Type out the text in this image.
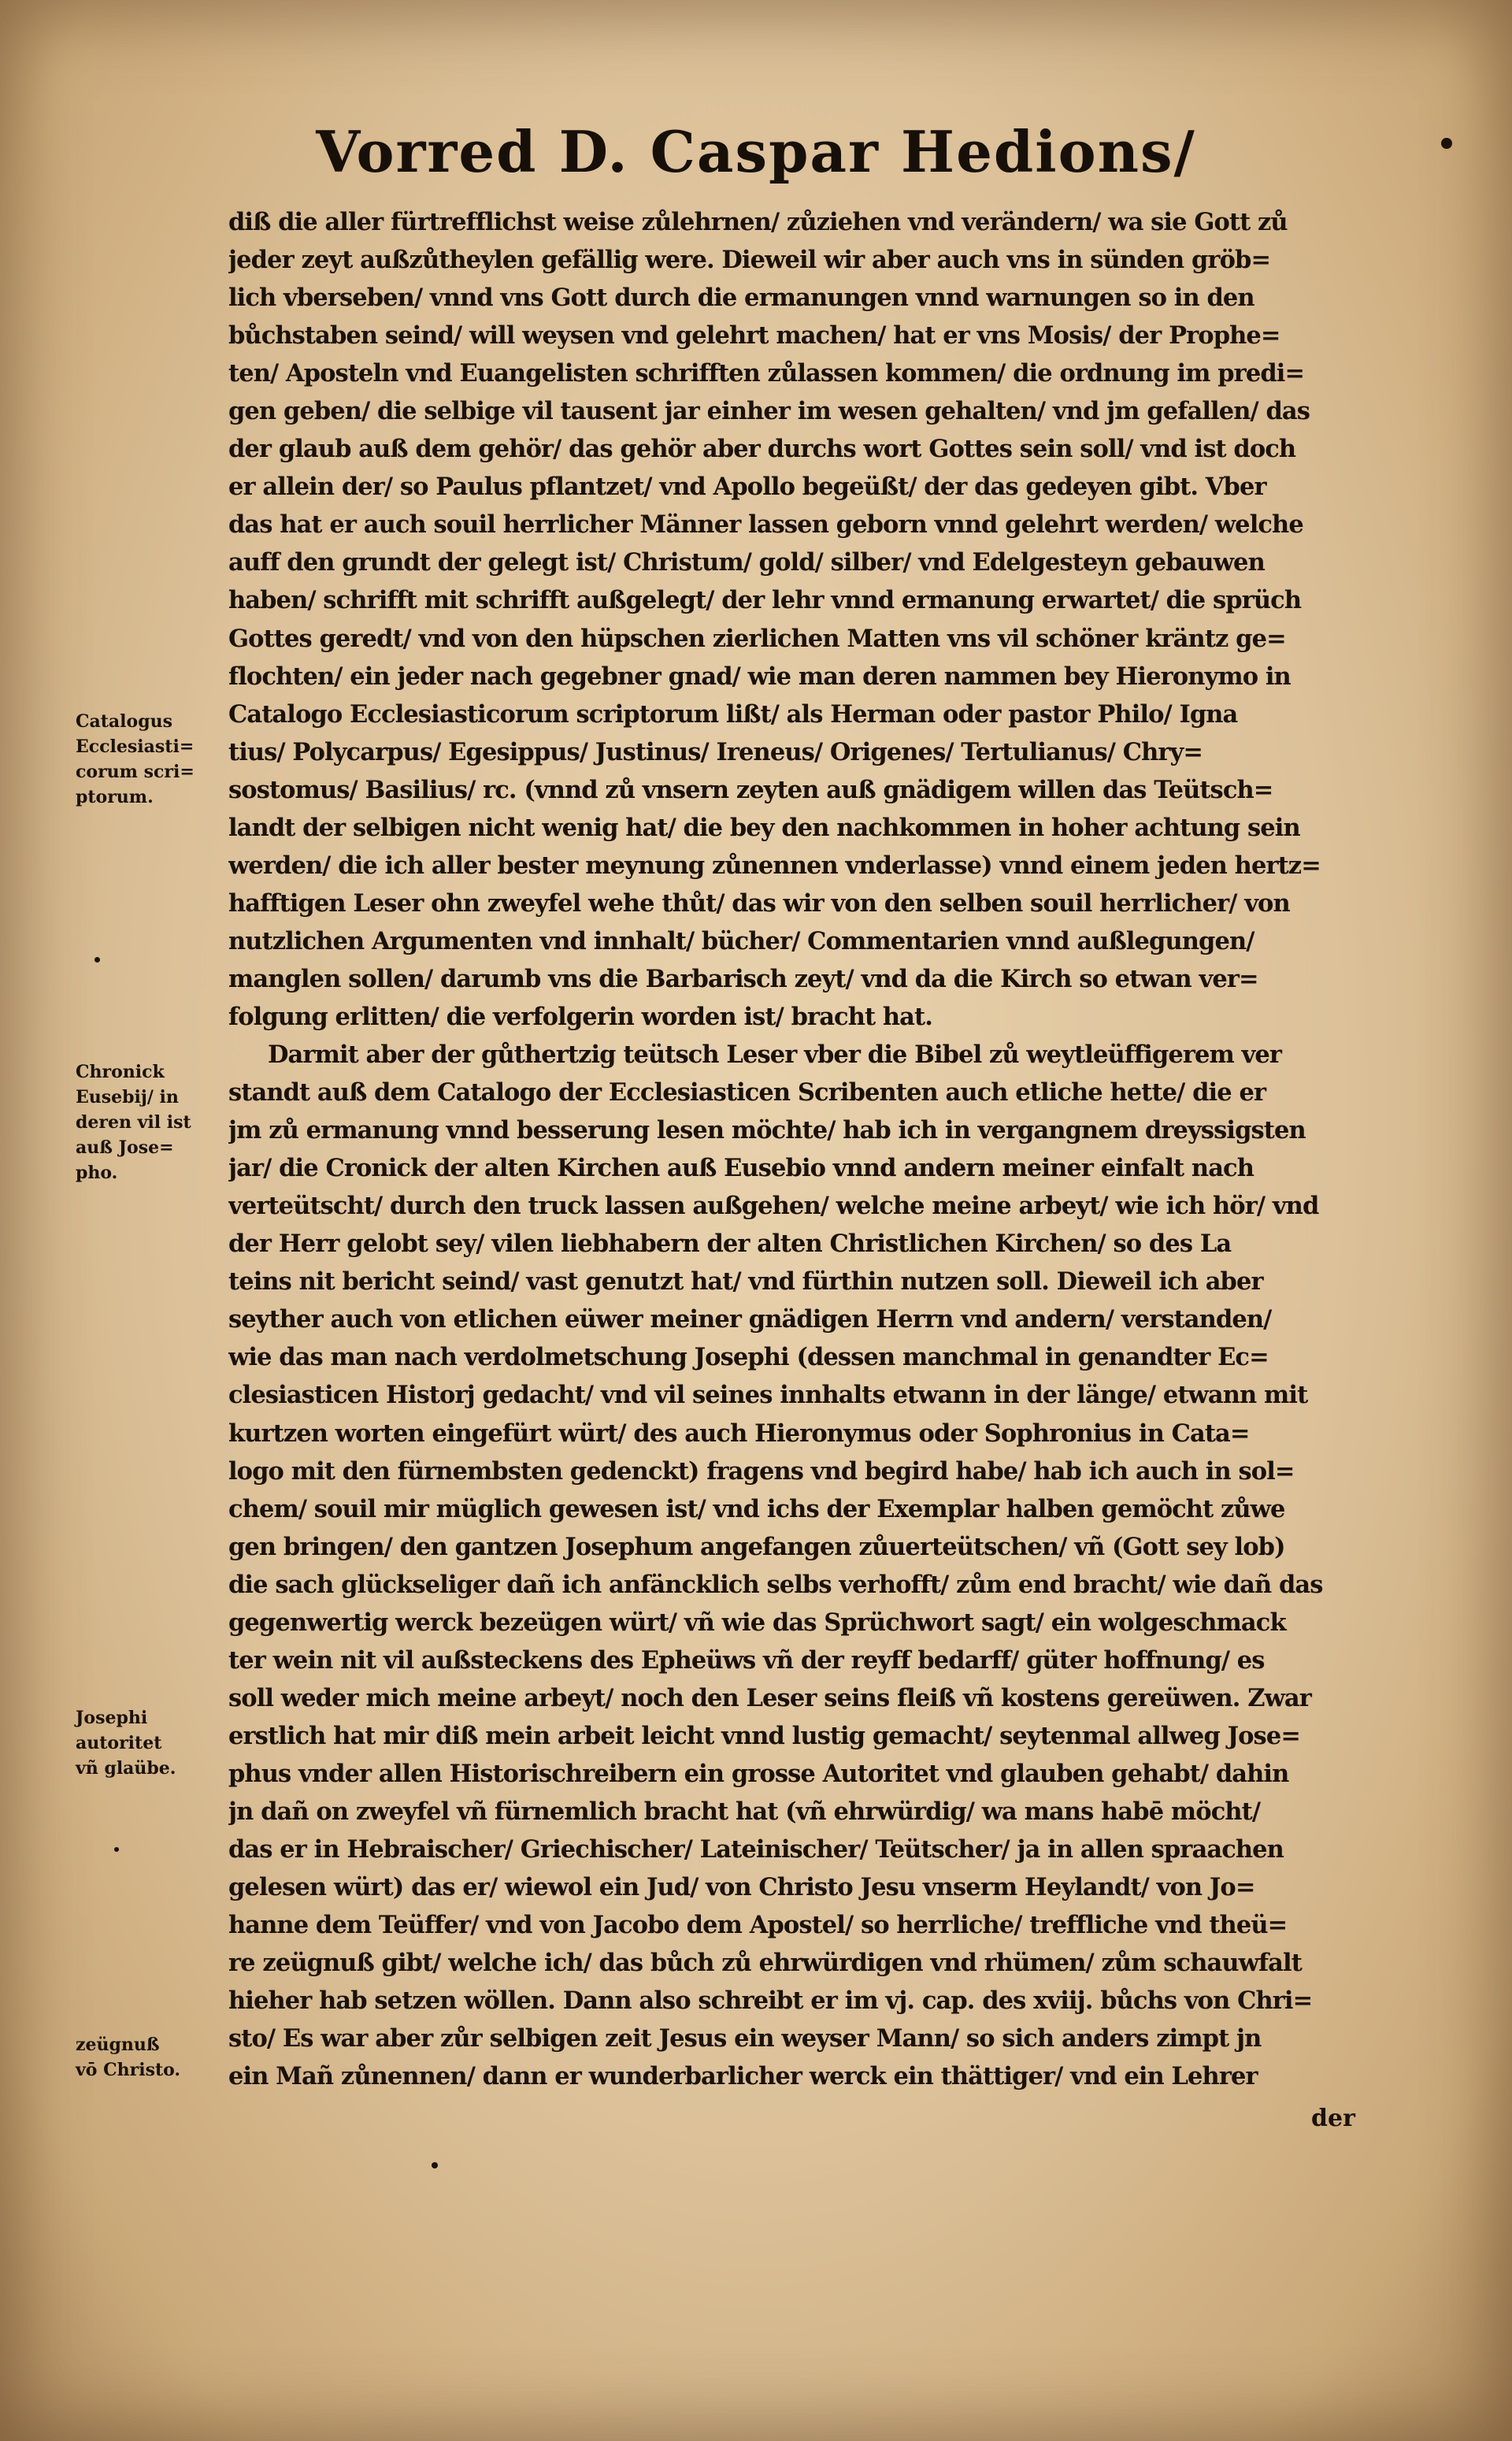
Vorred D. Caspar Hedions/
diß die aller fürtrefflichst weise zůlehrnen/ zůziehen vnd verändern/ wa sie Gott zů
jeder zeyt außzůtheylen gefällig were. Dieweil wir aber auch vns in sünden gröb=
lich vberseben/ vnnd vns Gott durch die ermanungen vnnd warnungen so in den
bůchstaben seind/ will weysen vnd gelehrt machen/ hat er vns Mosis/ der Prophe=
ten/ Aposteln vnd Euangelisten schrifften zůlassen kommen/ die ordnung im predi=
gen geben/ die selbige vil tausent jar einher im wesen gehalten/ vnd jm gefallen/ das
der glaub auß dem gehör/ das gehör aber durchs wort Gottes sein soll/ vnd ist doch
er allein der/ so Paulus pflantzet/ vnd Apollo begeüßt/ der das gedeyen gibt. Vber
das hat er auch souil herrlicher Männer lassen geborn vnnd gelehrt werden/ welche
auff den grundt der gelegt ist/ Christum/ gold/ silber/ vnd Edelgesteyn gebauwen
haben/ schrifft mit schrifft außgelegt/ der lehr vnnd ermanung erwartet/ die sprüch
Gottes geredt/ vnd von den hüpschen zierlichen Matten vns vil schöner kräntz ge=
flochten/ ein jeder nach gegebner gnad/ wie man deren nammen bey Hieronymo in
Catalogo Ecclesiasticorum scriptorum lißt/ als Herman oder pastor Philo/ Igna
tius/ Polycarpus/ Egesippus/ Justinus/ Ireneus/ Origenes/ Tertulianus/ Chry=
sostomus/ Basilius/ rc. (vnnd zů vnsern zeyten auß gnädigem willen das Teütsch=
landt der selbigen nicht wenig hat/ die bey den nachkommen in hoher achtung sein
werden/ die ich aller bester meynung zůnennen vnderlasse) vnnd einem jeden hertz=
hafftigen Leser ohn zweyfel wehe thůt/ das wir von den selben souil herrlicher/ von
nutzlichen Argumenten vnd innhalt/ bücher/ Commentarien vnnd außlegungen/
manglen sollen/ darumb vns die Barbarisch zeyt/ vnd da die Kirch so etwan ver=
folgung erlitten/ die verfolgerin worden ist/ bracht hat.
Darmit aber der gůthertzig teütsch Leser vber die Bibel zů weytleüffigerem ver
standt auß dem Catalogo der Ecclesiasticen Scribenten auch etliche hette/ die er
jm zů ermanung vnnd besserung lesen möchte/ hab ich in vergangnem dreyssigsten
jar/ die Cronick der alten Kirchen auß Eusebio vnnd andern meiner einfalt nach
verteütscht/ durch den truck lassen außgehen/ welche meine arbeyt/ wie ich hör/ vnd
der Herr gelobt sey/ vilen liebhabern der alten Christlichen Kirchen/ so des La
teins nit bericht seind/ vast genutzt hat/ vnd fürthin nutzen soll. Dieweil ich aber
seyther auch von etlichen eüwer meiner gnädigen Herrn vnd andern/ verstanden/
wie das man nach verdolmetschung Josephi (dessen manchmal in genandter Ec=
clesiasticen Historj gedacht/ vnd vil seines innhalts etwann in der länge/ etwann mit
kurtzen worten eingefürt würt/ des auch Hieronymus oder Sophronius in Cata=
logo mit den fürnembsten gedenckt) fragens vnd begird habe/ hab ich auch in sol=
chem/ souil mir müglich gewesen ist/ vnd ichs der Exemplar halben gemöcht zůwe
gen bringen/ den gantzen Josephum angefangen zůuerteütschen/ vñ (Gott sey lob)
die sach glückseliger dañ ich anfäncklich selbs verhofft/ zům end bracht/ wie dañ das
gegenwertig werck bezeügen würt/ vñ wie das Sprüchwort sagt/ ein wolgeschmack
ter wein nit vil außsteckens des Epheüws vñ der reyff bedarff/ güter hoffnung/ es
soll weder mich meine arbeyt/ noch den Leser seins fleiß vñ kostens gereüwen. Zwar
erstlich hat mir diß mein arbeit leicht vnnd lustig gemacht/ seytenmal allweg Jose=
phus vnder allen Historischreibern ein grosse Autoritet vnd glauben gehabt/ dahin
jn dañ on zweyfel vñ fürnemlich bracht hat (vñ ehrwürdig/ wa mans habē möcht/
das er in Hebraischer/ Griechischer/ Lateinischer/ Teütscher/ ja in allen spraachen
gelesen würt) das er/ wiewol ein Jud/ von Christo Jesu vnserm Heylandt/ von Jo=
hanne dem Teüffer/ vnd von Jacobo dem Apostel/ so herrliche/ treffliche vnd theü=
re zeügnuß gibt/ welche ich/ das bůch zů ehrwürdigen vnd rhümen/ zům schauwfalt
hieher hab setzen wöllen. Dann also schreibt er im vj. cap. des xviij. bůchs von Chri=
sto/ Es war aber zůr selbigen zeit Jesus ein weyser Mann/ so sich anders zimpt jn
ein Mañ zůnennen/ dann er wunderbarlicher werck ein thättiger/ vnd ein Lehrer
der
Catalogus
Ecclesiasti=
corum scri=
ptorum.
Chronick
Eusebij/ in
deren vil ist
auß Jose=
pho.
Josephi
autoritet
vñ glaübe.
zeügnuß
vō Christo.
